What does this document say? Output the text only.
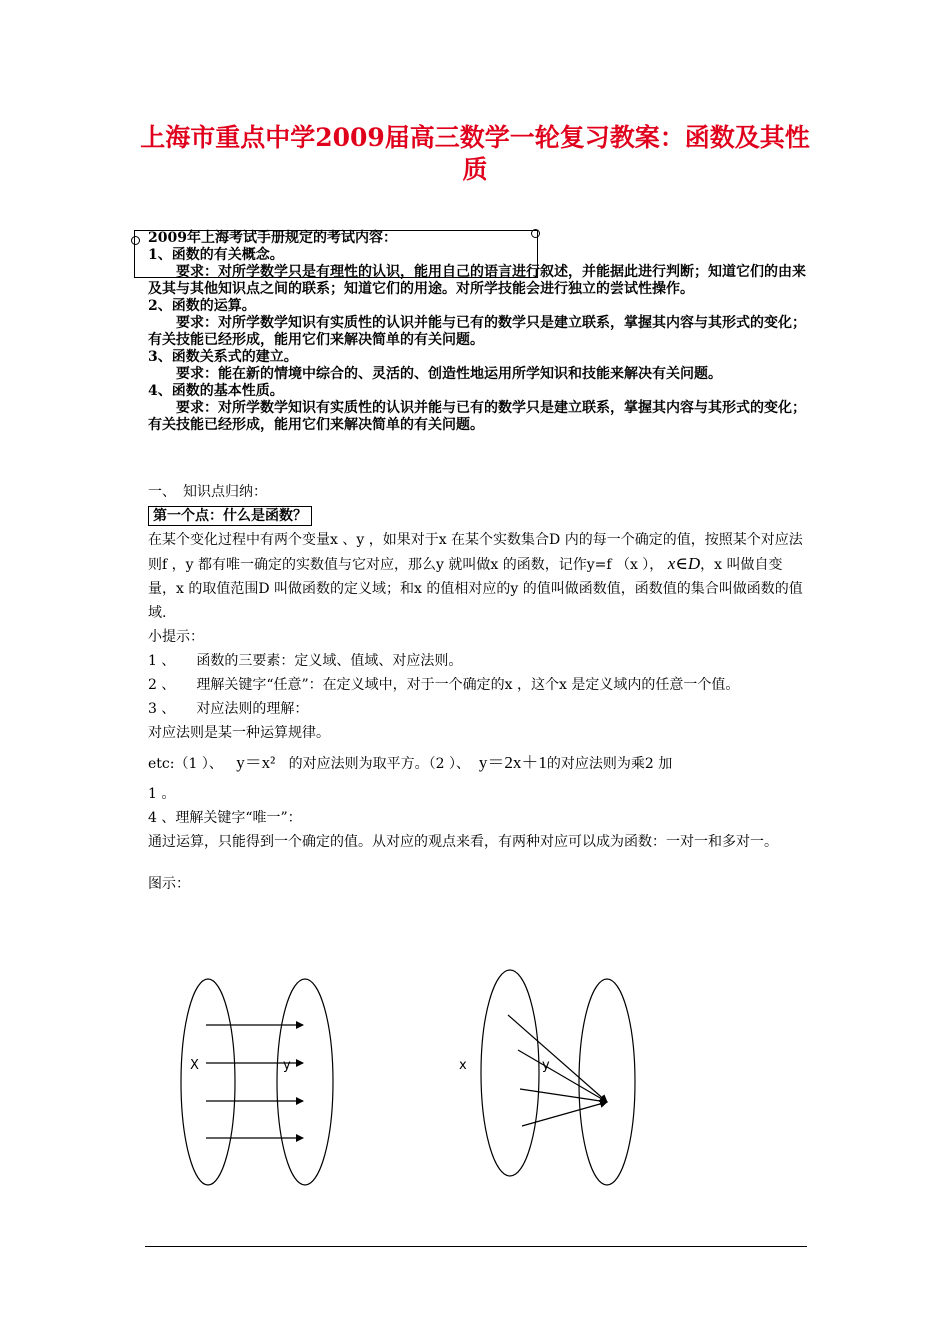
上海市重点中学2009届高三数学一轮复习教案：函数及其性质

2009年上海考试手册规定的考试内容：

1、函数的有关概念。

要求：对所学数学只是有理性的认识，能用自己的语言进行叙述，并能据此进行判断；知道它们的由来及其与其他知识点之间的联系；知道它们的用途。对所学技能会进行独立的尝试性操作。

2、函数的运算。

要求：对所学数学知识有实质性的认识并能与已有的数学只是建立联系，掌握其内容与其形式的变化；有关技能已经形成，能用它们来解决简单的有关问题。

3、函数关系式的建立。

要求：能在新的情境中综合的、灵活的、创造性地运用所学知识和技能来解决有关问题。

4、函数的基本性质。

要求：对所学数学知识有实质性的认识并能与已有的数学只是建立联系，掌握其内容与其形式的变化；有关技能已经形成，能用它们来解决简单的有关问题。

一、　知识点归纳：

第一个点：什么是函数？

在某个变化过程中有两个变量x 、y ，如果对于x 在某个实数集合D 内的每一个确定的值，按照某个对应法则f ，y 都有唯一确定的实数值与它对应，那么y 就叫做x 的函数，记作y=f （x ）， x∈D，x 叫做自变量，x 的取值范围D 叫做函数的定义域；和x 的值相对应的y 的值叫做函数值，函数值的集合叫做函数的值域.

小提示：

1 、　　函数的三要素：定义域、值域、对应法则。

2 、　　理解关键字“任意”：在定义域中，对于一个确定的x ，这个x 是定义域内的任意一个值。

3 、　　对应法则的理解：

对应法则是某一种运算规律。

etc:（1 ）、 y＝x² 的对应法则为取平方。（2 ）、 y＝2x＋1的对应法则为乘2 加

1 。

4 、理解关键字“唯一”：

通过运算，只能得到一个确定的值。从对应的观点来看，有两种对应可以成为函数：一对一和多对一。

图示：

X	y	x	y
